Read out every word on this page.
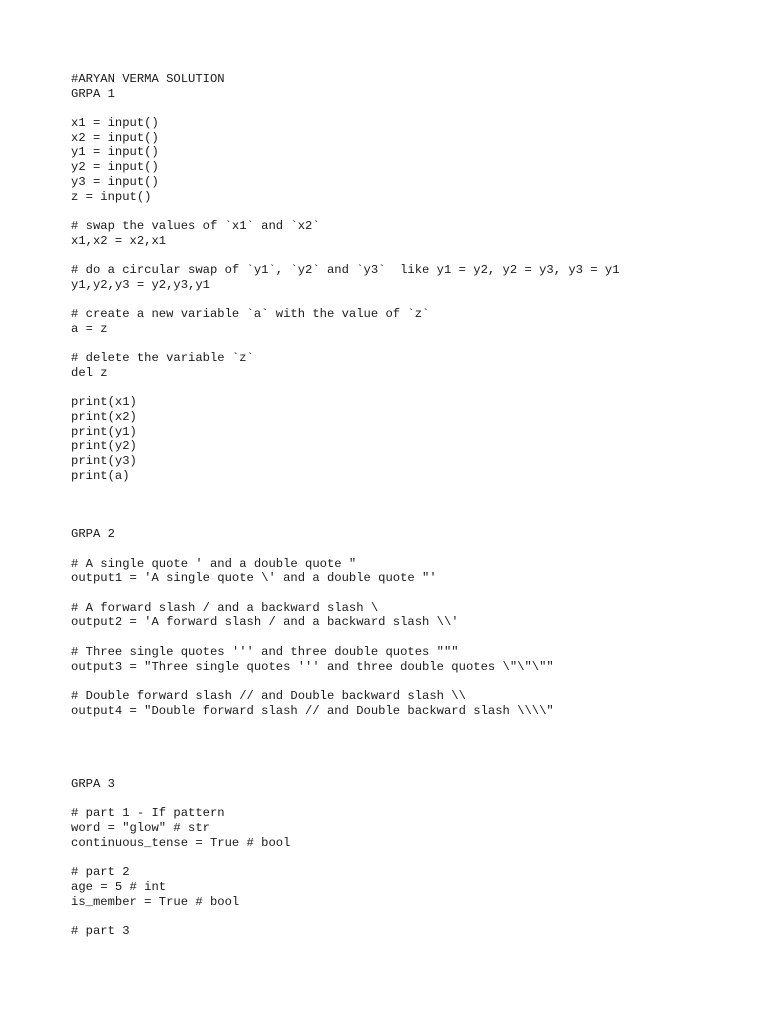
#ARYAN VERMA SOLUTION
GRPA 1
x1 = input()
x2 = input()
y1 = input()
y2 = input()
y3 = input()
z = input()
# swap the values of `x1` and `x2`
x1,x2 = x2,x1
# do a circular swap of `y1`, `y2` and `y3`  like y1 = y2, y2 = y3, y3 = y1
y1,y2,y3 = y2,y3,y1
# create a new variable `a` with the value of `z`
a = z
# delete the variable `z`
del z
print(x1)
print(x2)
print(y1)
print(y2)
print(y3)
print(a)
GRPA 2
# A single quote ' and a double quote "
output1 = 'A single quote \' and a double quote "'
# A forward slash / and a backward slash \
output2 = 'A forward slash / and a backward slash \\'
# Three single quotes ''' and three double quotes """
output3 = "Three single quotes ''' and three double quotes \"\"\""
# Double forward slash // and Double backward slash \\
output4 = "Double forward slash // and Double backward slash \\\\"
GRPA 3
# part 1 - If pattern
word = "glow" # str
continuous_tense = True # bool
# part 2
age = 5 # int
is_member = True # bool
# part 3
